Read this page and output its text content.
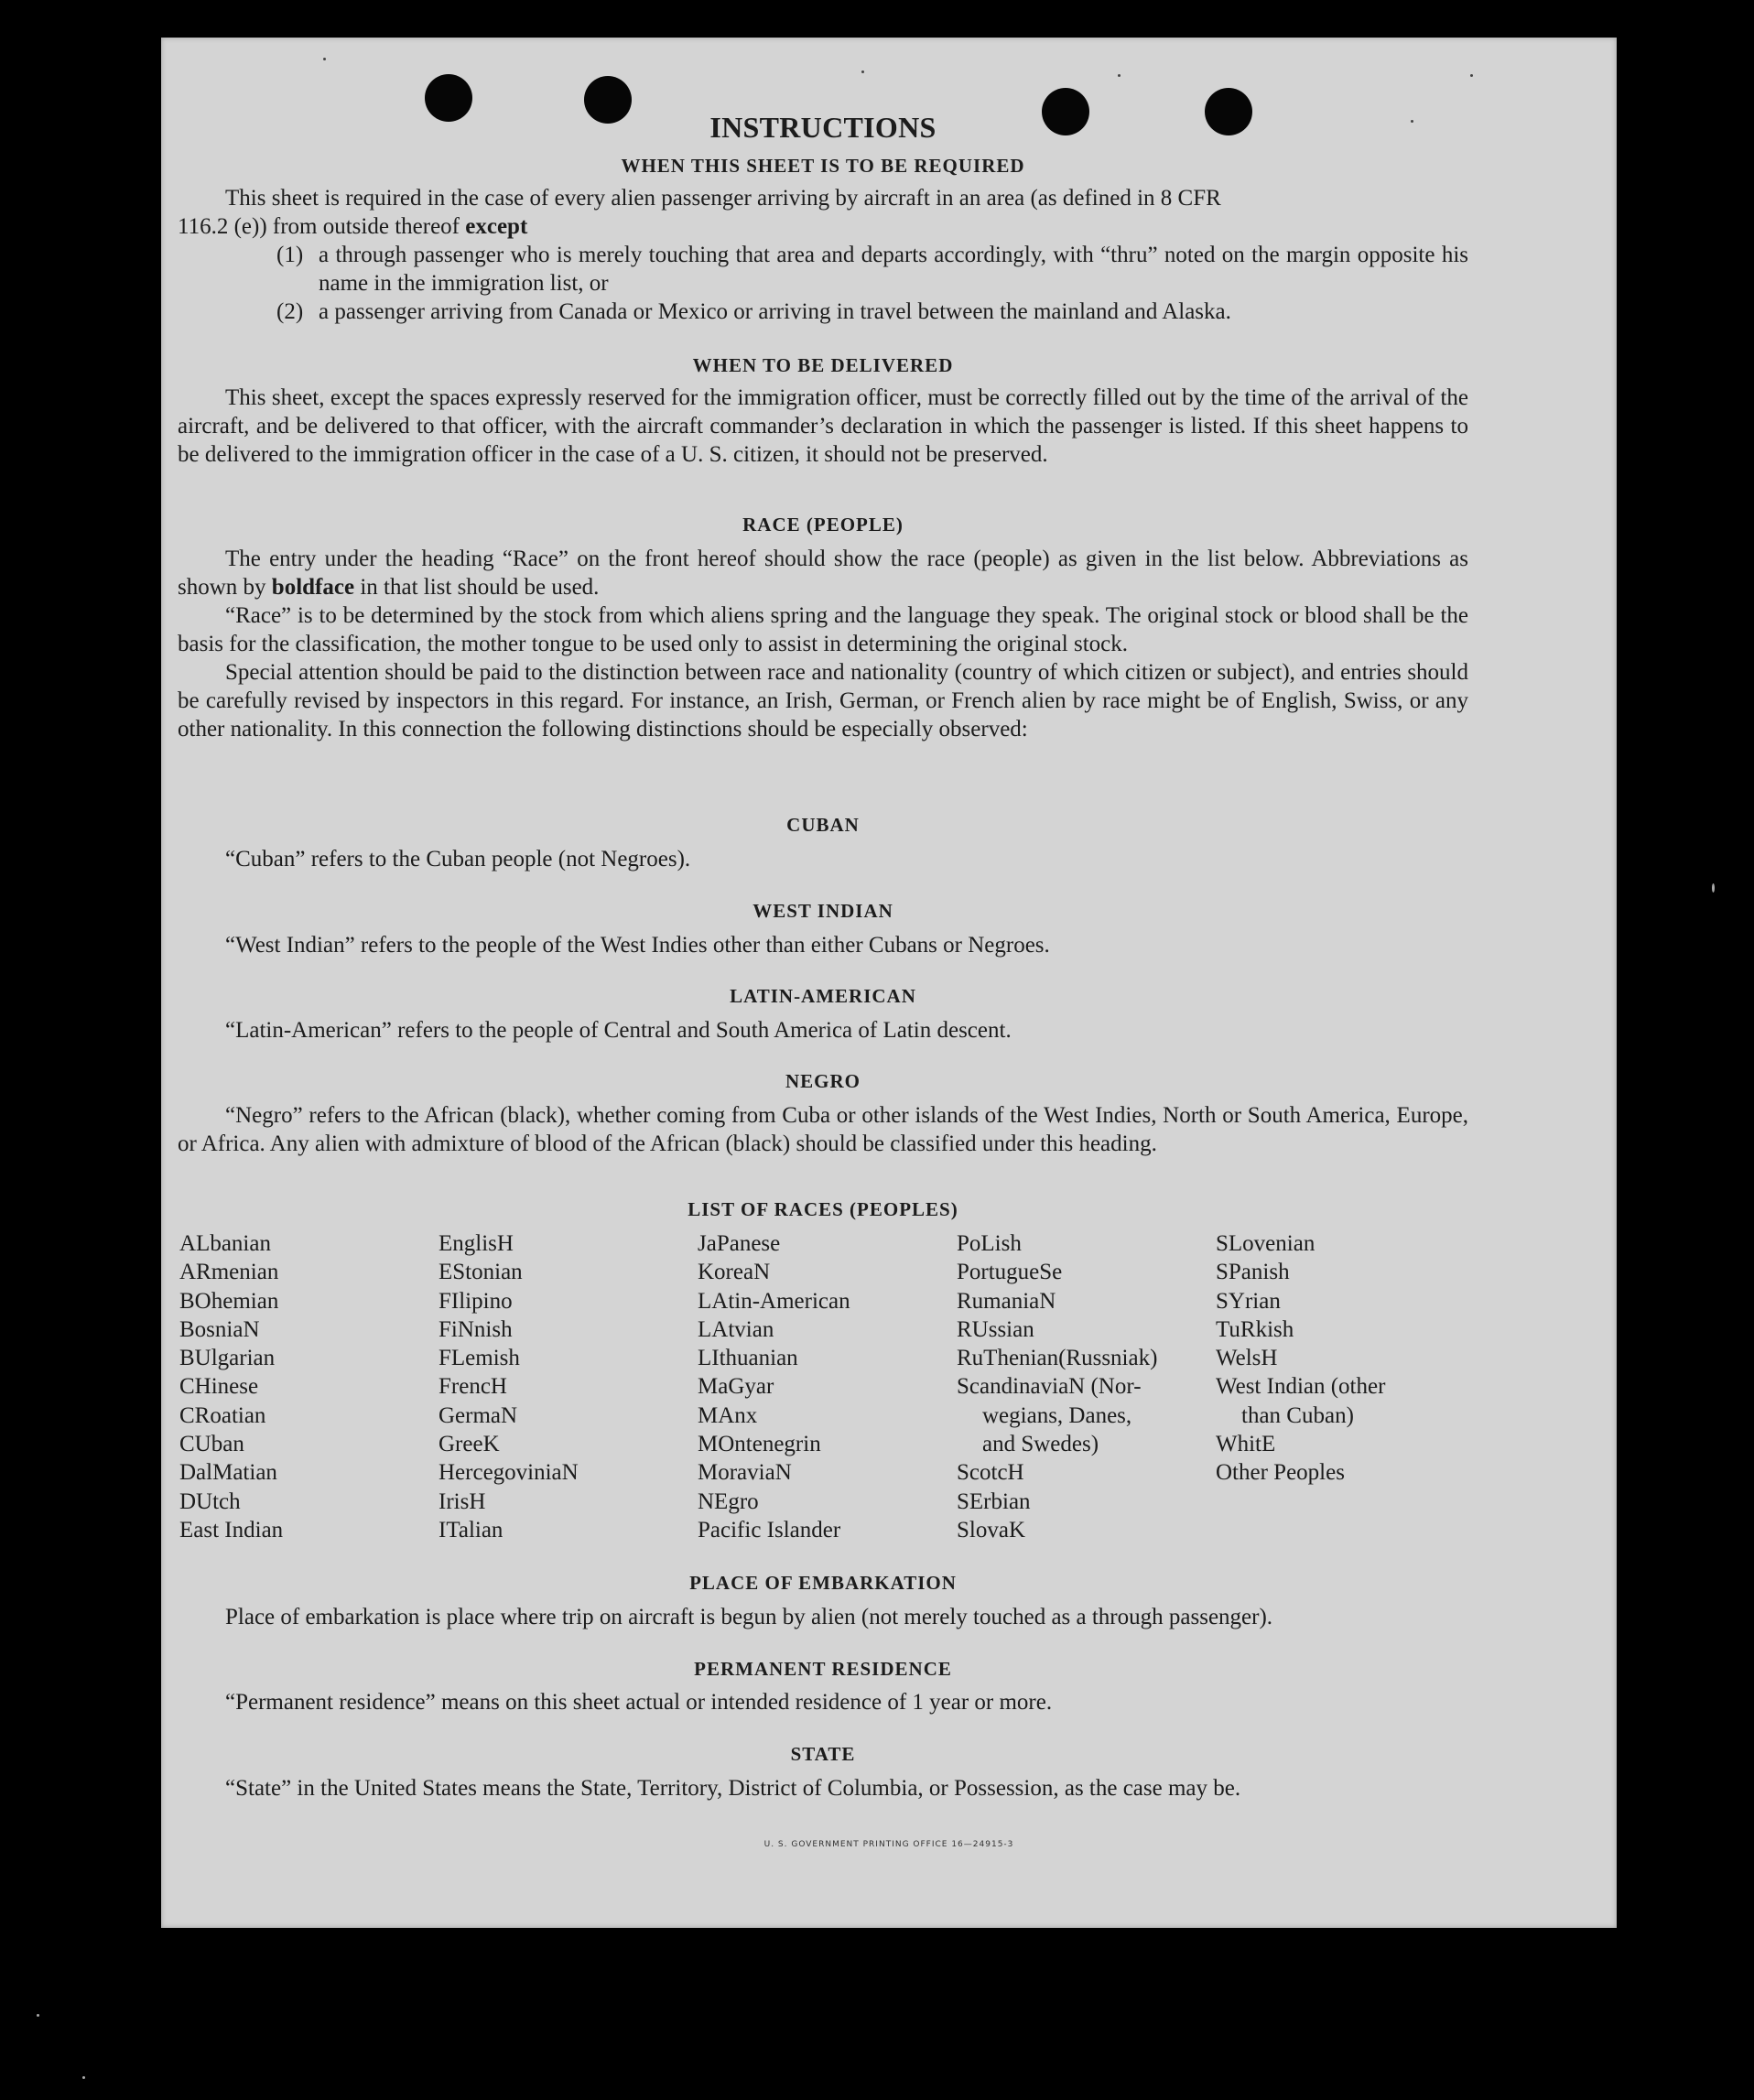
INSTRUCTIONS
WHEN THIS SHEET IS TO BE REQUIRED

This sheet is required in the case of every alien passenger arriving by aircraft in an area (as defined in 8 CFR

116.2 (e)) from outside thereof except

(1) a through passenger who is merely touching that area and departs accordingly, with “thru” noted on the margin opposite his name in the immigration list, or
(2) a passenger arriving from Canada or Mexico or arriving in travel between the mainland and Alaska.
WHEN TO BE DELIVERED

This sheet, except the spaces expressly reserved for the immigration officer, must be correctly filled out by the time of the arrival of the aircraft, and be delivered to that officer, with the aircraft commander’s declaration in which the passenger is listed. If this sheet happens to be delivered to the immigration officer in the case of a U. S. citizen, it should not be preserved.

RACE (PEOPLE)

The entry under the heading “Race” on the front hereof should show the race (people) as given in the list below. Abbreviations as shown by boldface in that list should be used.

“Race” is to be determined by the stock from which aliens spring and the language they speak. The original stock or blood shall be the basis for the classification, the mother tongue to be used only to assist in determining the original stock.

Special attention should be paid to the distinction between race and nationality (country of which citizen or subject), and entries should be carefully revised by inspectors in this regard. For instance, an Irish, German, or French alien by race might be of English, Swiss, or any other nationality. In this connection the following distinctions should be especially observed:

CUBAN

“Cuban” refers to the Cuban people (not Negroes).

WEST INDIAN

“West Indian” refers to the people of the West Indies other than either Cubans or Negroes.

LATIN-AMERICAN

“Latin-American” refers to the people of Central and South America of Latin descent.

NEGRO

“Negro” refers to the African (black), whether coming from Cuba or other islands of the West Indies, North or South America, Europe, or Africa. Any alien with admixture of blood of the African (black) should be classified under this heading.

LIST OF RACES (PEOPLES)
ALbanian
ARmenian
BOhemian
BosniaN
BUlgarian
CHinese
CRoatian
CUban
DalMatian
DUtch
East Indian
EnglisH
EStonian
FIlipino
FiNnish
FLemish
FrencH
GermaN
GreeK
HercegoviniaN
IrisH
ITalian
JaPanese
KoreaN
LAtin-American
LAtvian
LIthuanian
MaGyar
MAnx
MOntenegrin
MoraviaN
NEgro
Pacific Islander
PoLish
PortugueSe
RumaniaN
RUssian
RuThenian(Russniak)
ScandinaviaN (Nor-
wegians, Danes,
and Swedes)
ScotcH
SErbian
SlovaK
SLovenian
SPanish
SYrian
TuRkish
WelsH
West Indian (other
than Cuban)
WhitE
Other Peoples
PLACE OF EMBARKATION

Place of embarkation is place where trip on aircraft is begun by alien (not merely touched as a through passenger).

PERMANENT RESIDENCE

“Permanent residence” means on this sheet actual or intended residence of 1 year or more.

STATE

“State” in the United States means the State, Territory, District of Columbia, or Possession, as the case may be.

U. S. GOVERNMENT PRINTING OFFICE 16—24915-3
